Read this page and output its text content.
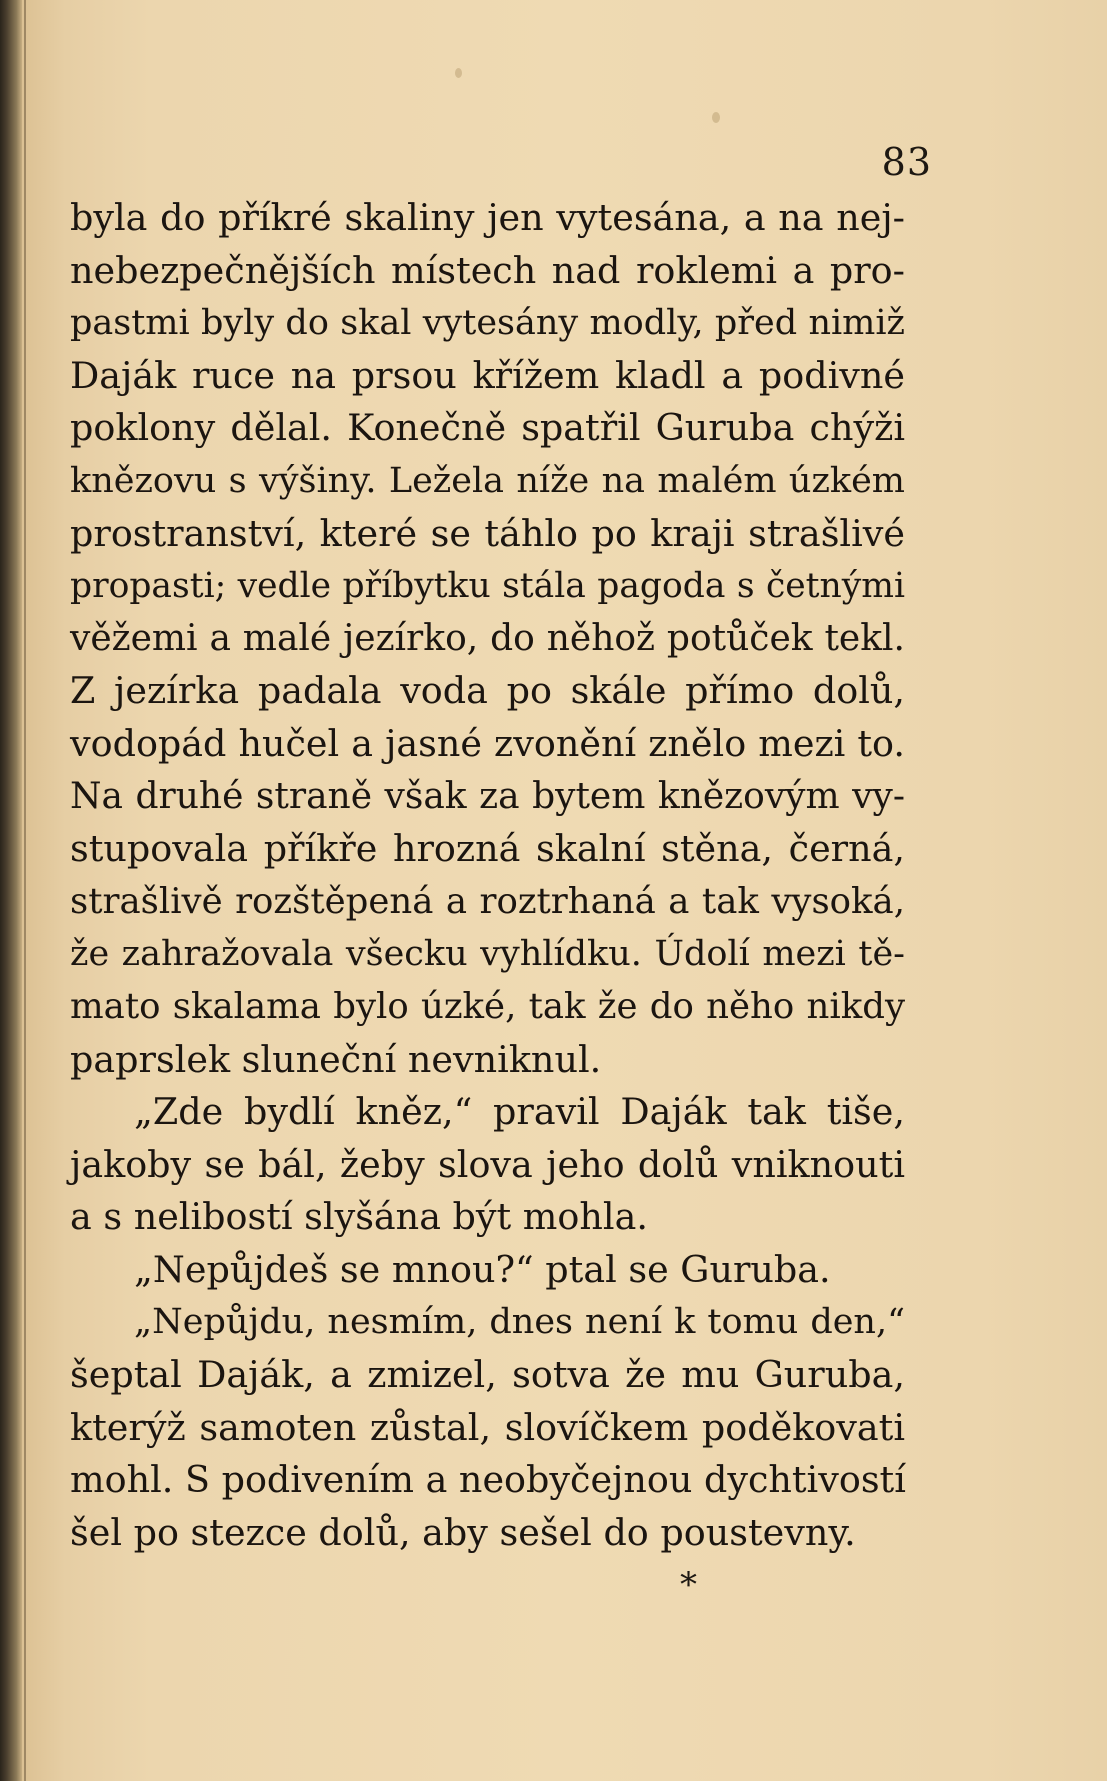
83
byla do příkré skaliny jen vytesána, a na nej-
nebezpečnějších místech nad roklemi a pro-
pastmi byly do skal vytesány modly, před nimiž
Daják ruce na prsou křížem kladl a podivné
poklony dělal. Konečně spatřil Guruba chýži
knězovu s výšiny. Ležela níže na malém úzkém
prostranství, které se táhlo po kraji strašlivé
propasti; vedle příbytku stála pagoda s četnými
věžemi a malé jezírko, do něhož potůček tekl.
Z jezírka padala voda po skále přímo dolů,
vodopád hučel a jasné zvonění znělo mezi to.
Na druhé straně však za bytem knězovým vy-
stupovala příkře hrozná skalní stěna, černá,
strašlivě rozštěpená a roztrhaná a tak vysoká,
že zahražovala všecku vyhlídku. Údolí mezi tě-
mato skalama bylo úzké, tak že do něho nikdy
paprslek sluneční nevniknul.
„Zde bydlí kněz,“ pravil Daják tak tiše,
jakoby se bál, žeby slova jeho dolů vniknouti
a s nelibostí slyšána být mohla.
„Nepůjdeš se mnou?“ ptal se Guruba.
„Nepůjdu, nesmím, dnes není k tomu den,“
šeptal Daják, a zmizel, sotva že mu Guruba,
kterýž samoten zůstal, slovíčkem poděkovati
mohl. S podivením a neobyčejnou dychtivostí
šel po stezce dolů, aby sešel do poustevny.
*
